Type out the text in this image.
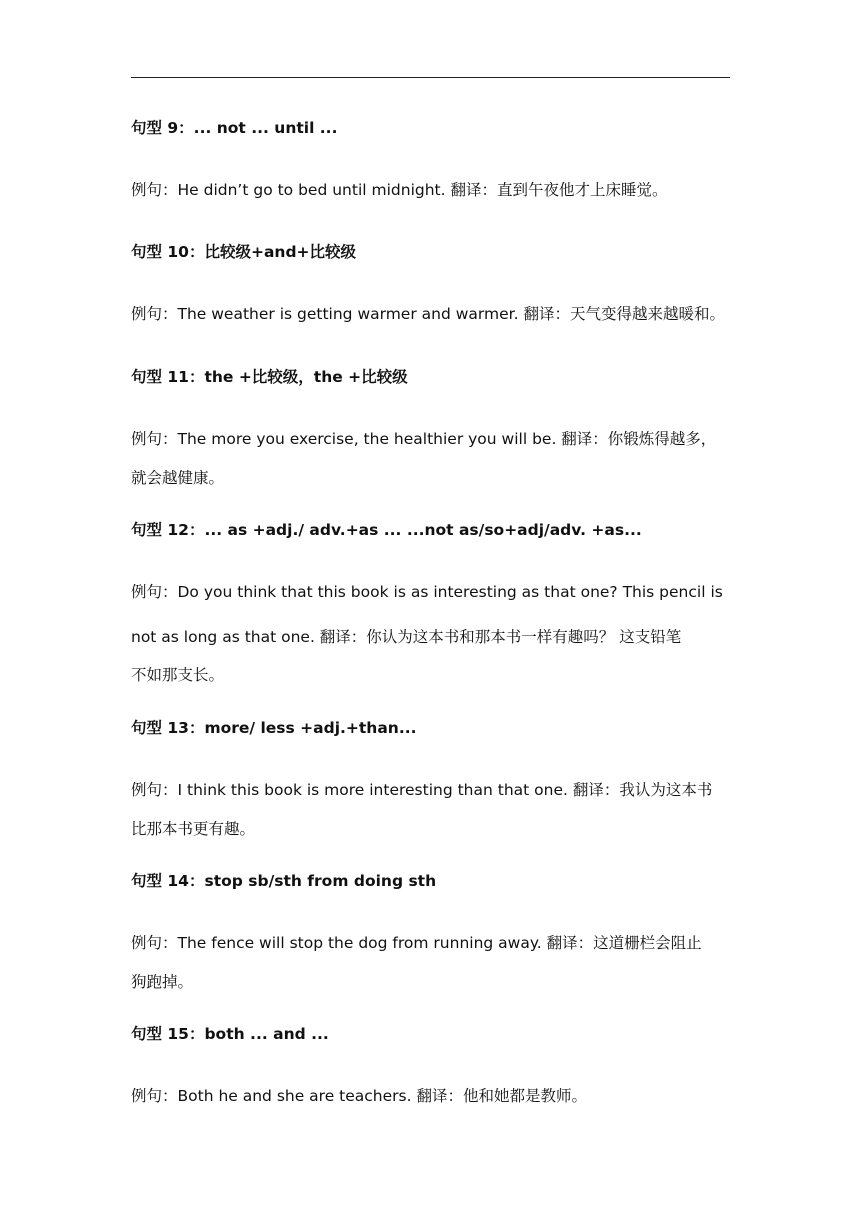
句型 9：... not ... until ...
例句：He didn’t go to bed until midnight. 翻译：直到午夜他才上床睡觉。
句型 10：比较级+and+比较级
例句：The weather is getting warmer and warmer. 翻译：天气变得越来越暖和。
句型 11：the +比较级，the +比较级
例句：The more you exercise, the healthier you will be. 翻译：你锻炼得越多，
就会越健康。
句型 12：... as +adj./ adv.+as ... ...not as/so+adj/adv. +as...
例句：Do you think that this book is as interesting as that one? This pencil is
not as long as that one. 翻译：你认为这本书和那本书一样有趣吗？ 这支铅笔
不如那支长。
句型 13：more/ less +adj.+than...
例句：I think this book is more interesting than that one. 翻译：我认为这本书
比那本书更有趣。
句型 14：stop sb/sth from doing sth
例句：The fence will stop the dog from running away. 翻译：这道栅栏会阻止
狗跑掉。
句型 15：both ... and ...
例句：Both he and she are teachers. 翻译：他和她都是教师。
